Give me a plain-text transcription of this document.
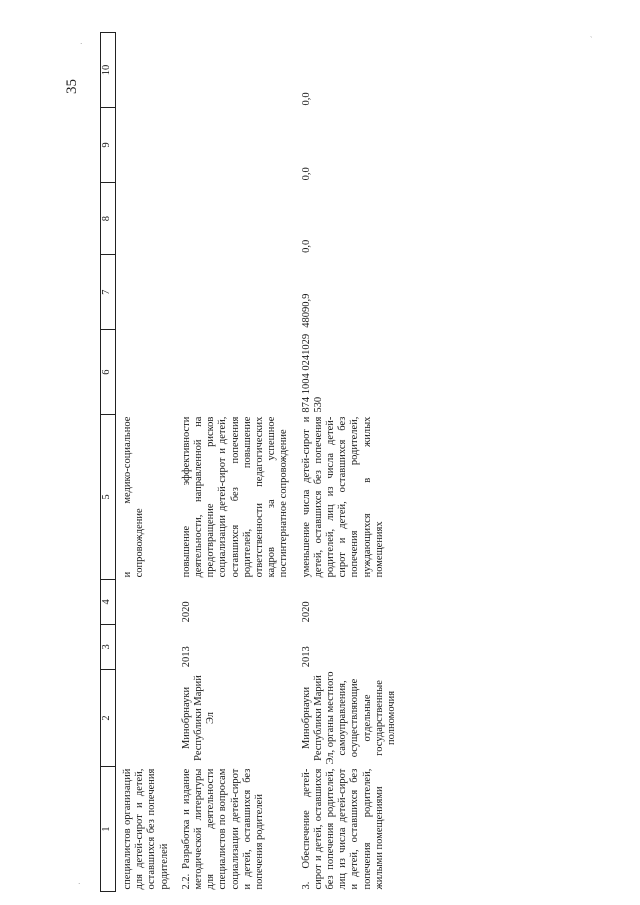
35
1	2	3	4	5	6	7	8	9	10
специалистов организаций для детей-сирот и детей, оставшихся без попечения родителей				и медико-социальное сопровождение					

2.2. Разработка и издание методической литературы для деятельности специалистов по вопросам социализации детей-сирот и детей, оставшихся без попечения родителей	Минобрнауки Республики Марий Эл	2013	2020	повышение эффективности деятельности, направленной на предотвращение рисков социализации детей-сирот и детей, оставшихся без попечения родителей, повышение ответственности педагогических кадров за успешное постинтернатное сопровождение					

3. Обеспечение детей-сирот и детей, оставшихся без попечения родителей, лиц из числа детей-сирот и детей, оставшихся без попечения родителей, жилыми помещениями	Минобрнауки Республики Марий Эл, органы местного самоуправления, осуществляющие отдельные государственные полномочия	2013	2020	уменьшение числа детей-сирот и детей, оставшихся без попечения родителей, лиц из числа детей-сирот и детей, оставшихся без попечения родителей, нуждающихся в жилых помещениях	874 1004 0241029 530	48090,9	0,0	0,0	0,0
·
ˎ
·
